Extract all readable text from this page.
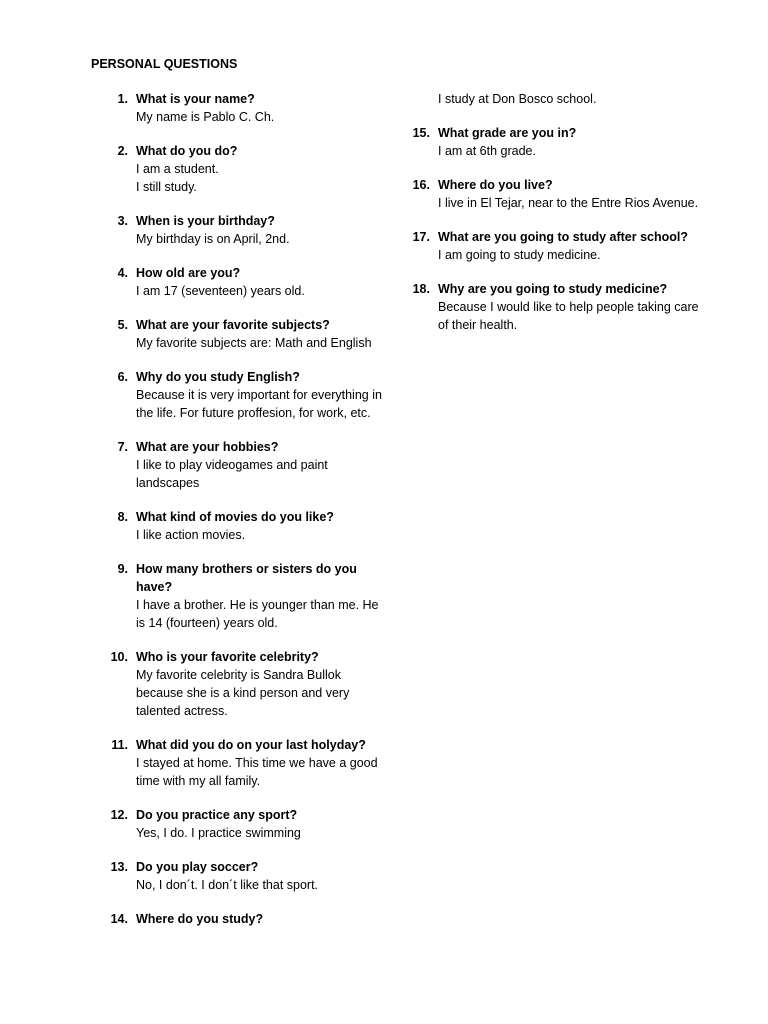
PERSONAL QUESTIONS
1. What is your name?
My name is Pablo C. Ch.
2. What do you do?
I am a student.
I still study.
3. When is your birthday?
My birthday is on April, 2nd.
4. How old are you?
I am 17 (seventeen) years old.
5. What are your favorite subjects?
My favorite subjects are: Math and English
6. Why do you study English?
Because it is very important for everything in the life. For future proffesion, for work, etc.
7. What are your hobbies?
I like to play videogames and paint landscapes
8. What kind of movies do you like?
I like action movies.
9. How many brothers or sisters do you have?
I have a brother. He is younger than me. He is 14 (fourteen) years old.
10. Who is your favorite celebrity?
My favorite celebrity is Sandra Bullok because she is a kind person and very talented actress.
11. What did you do on your last holyday?
I stayed at home. This time we have a good time with my all family.
12. Do you practice any sport?
Yes, I do. I practice swimming
13. Do you play soccer?
No, I don´t. I don´t like that sport.
14. Where do you study?
I study at Don Bosco school.
15. What grade are you in?
I am at 6th grade.
16. Where do you live?
I live in El Tejar, near to the Entre Rios Avenue.
17. What are you going to study after school?
I am going to study medicine.
18. Why are you going to study medicine?
Because I would like to help people taking care of their health.
